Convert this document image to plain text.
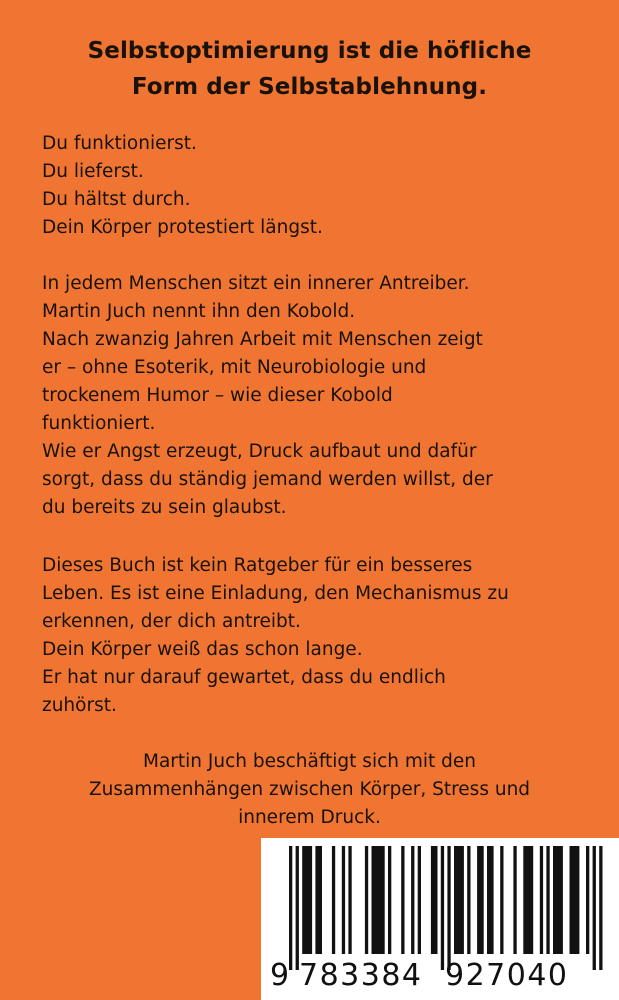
Selbstoptimierung ist die höfliche
Form der Selbstablehnung.
Du funktionierst.
Du lieferst.
Du hältst durch.
Dein Körper protestiert längst.
In jedem Menschen sitzt ein innerer Antreiber.
Martin Juch nennt ihn den Kobold.
Nach zwanzig Jahren Arbeit mit Menschen zeigt
er – ohne Esoterik, mit Neurobiologie und
trockenem Humor – wie dieser Kobold
funktioniert.
Wie er Angst erzeugt, Druck aufbaut und dafür
sorgt, dass du ständig jemand werden willst, der
du bereits zu sein glaubst.
Dieses Buch ist kein Ratgeber für ein besseres
Leben. Es ist eine Einladung, den Mechanismus zu
erkennen, der dich antreibt.
Dein Körper weiß das schon lange.
Er hat nur darauf gewartet, dass du endlich
zuhörst.
Martin Juch beschäftigt sich mit den
Zusammenhängen zwischen Körper, Stress und
innerem Druck.
9 783384 927040
